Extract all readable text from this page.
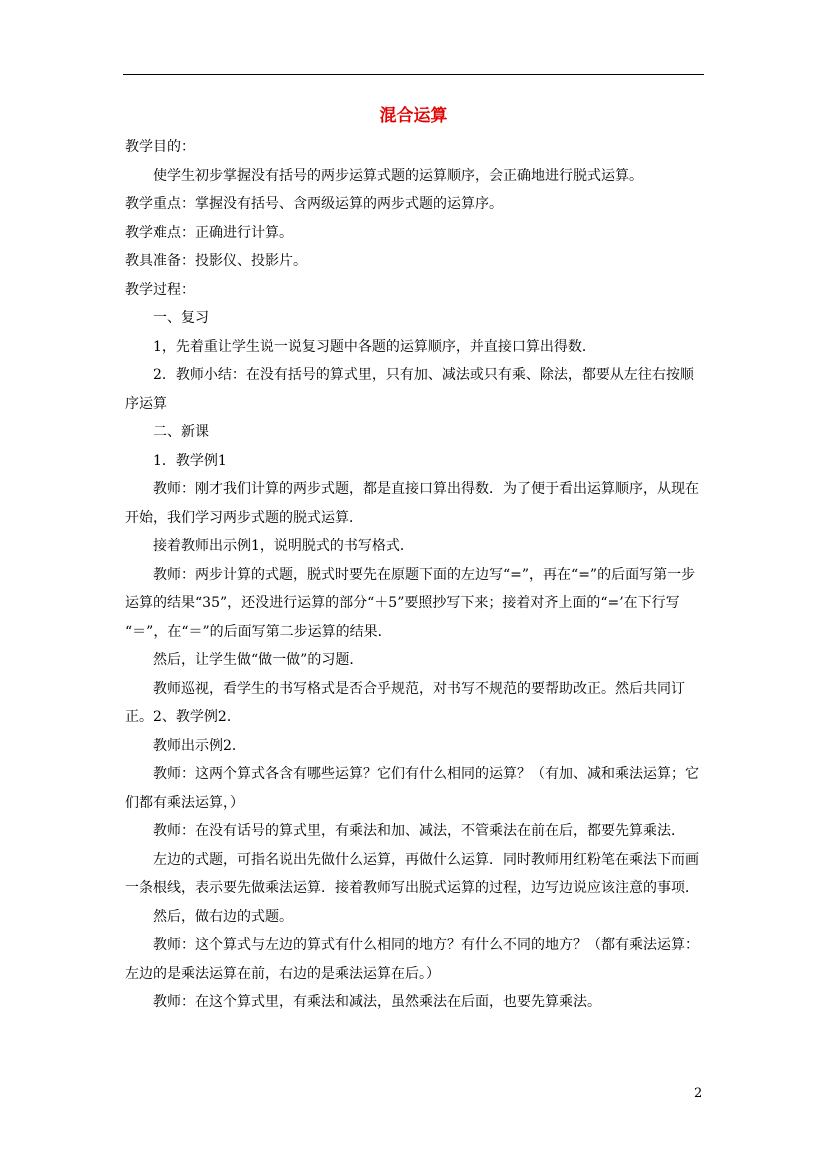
混合运算

教学目的：

使学生初步掌握没有括号的两步运算式题的运算顺序，会正确地进行脱式运算。

教学重点：掌握没有括号、含两级运算的两步式题的运算序。

教学难点：正确进行计算。

教具准备：投影仪、投影片。

教学过程：

一、复习

1，先着重让学生说一说复习题中各题的运算顺序，并直接口算出得数．

2．教师小结：在没有括号的算式里，只有加、减法或只有乘、除法，都要从左往右按顺序运算

二、新课

1．教学例1

教师：刚才我们计算的两步式题，都是直接口算出得数．为了便于看出运算顺序，从现在开始，我们学习两步式题的脱式运算．

接着教师出示例1，说明脱式的书写格式．

教师：两步计算的式题，脱式时要先在原题下面的左边写“=”，再在“=”的后面写第一步运算的结果“35”，还没进行运算的部分“＋5”要照抄写下来；接着对齐上面的“=’在下行写 “＝”，在“＝”的后面写第二步运算的结果．

然后，让学生做“做一做”的习题．

教师巡视，看学生的书写格式是否合乎规范，对书写不规范的要帮助改正。然后共同订正。2、教学例2．

教师出示例2．

教师：这两个算式各含有哪些运算？它们有什么相同的运算？（有加、减和乘法运算；它们都有乘法运算，）

教师：在没有话号的算式里，有乘法和加、减法，不管乘法在前在后，都要先算乘法．

左边的式题，可指名说出先做什么运算，再做什么运算．同时教师用红粉笔在乘法下而画一条根线，表示要先做乘法运算．接着教师写出脱式运算的过程，边写边说应该注意的事项．

然后，做右边的式题。

教师：这个算式与左边的算式有什么相同的地方？有什么不同的地方？（都有乘法运算：左边的是乘法运算在前，右边的是乘法运算在后。）

教师：在这个算式里，有乘法和减法，虽然乘法在后面，也要先算乘法。

2
